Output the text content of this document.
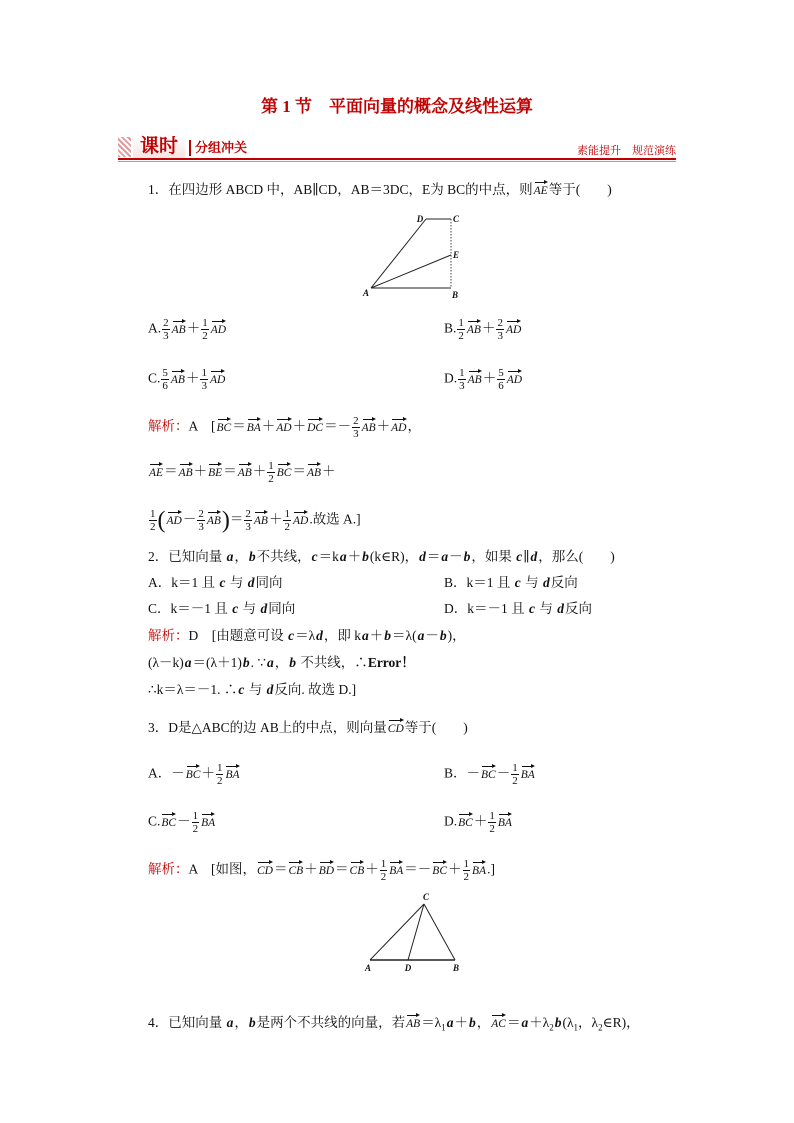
第 1 节　平面向量的概念及线性运算
课时	分组冲关	素能提升　规范演练
1．在四边形 ABCD 中，AB∥CD，AB＝3DC，E为 BC的中点，则AE等于(　　)
D	C
E
A	B
A. $\frac{2}{3} AB+ \frac{1}{2}$ AD	B. $\frac{1}{2} AB+ \frac{2}{3}$ AD
C. $\frac{5}{6} AB+ \frac{1}{3}$ AD	D. $\frac{1}{3} AB+ \frac{5}{6}$ AD
解析：A　[$BC=BA+AD+DC=- \frac{2}{3} AB+AD$，
$AE=AB+BE=AB+ \frac{1}{2} BC=AB+$
$\frac{1}{2} (AD- \frac{2}{3} AB)= \frac{2}{3} AB+ \frac{1}{2}$ AD.故选 A.]
2．已知向量 a，b不共线，c＝ka＋b(k∈R)，d＝a－b，如果 c∥d，那么(　　)
A．k＝1 且 c 与 d同向	B．k＝1 且 c 与 d反向
C．k＝－1 且 c 与 d同向	D．k＝－1 且 c 与 d反向
解析：D　[由题意可设 c＝λd，即 ka＋b＝λ(a－b)，
(λ－k)a＝(λ＋1)b. ∵a，b 不共线，∴Error！
∴k＝λ＝－1. ∴c 与 d反向. 故选 D.]
3．D是△ABC的边 AB上的中点，则向量CD等于(　　)
A．$-BC+ \frac{1}{2}$ BA	B．$-BC- \frac{1}{2}$ BA
$C.BC- \frac{1}{2}$ BA	$D.BC+ \frac{1}{2}$ BA
解析：A　[如图，$CD=CB+BD=CB+ \frac{1}{2} BA=-BC+ \frac{1}{2} BA$.]
C
A	D	B
4．已知向量 a，b是两个不共线的向量，若$AB=\lambda_1a+b$，$AC=a+\lambda_2b(\lambda_1$，$\lambda_2\in R$)，
